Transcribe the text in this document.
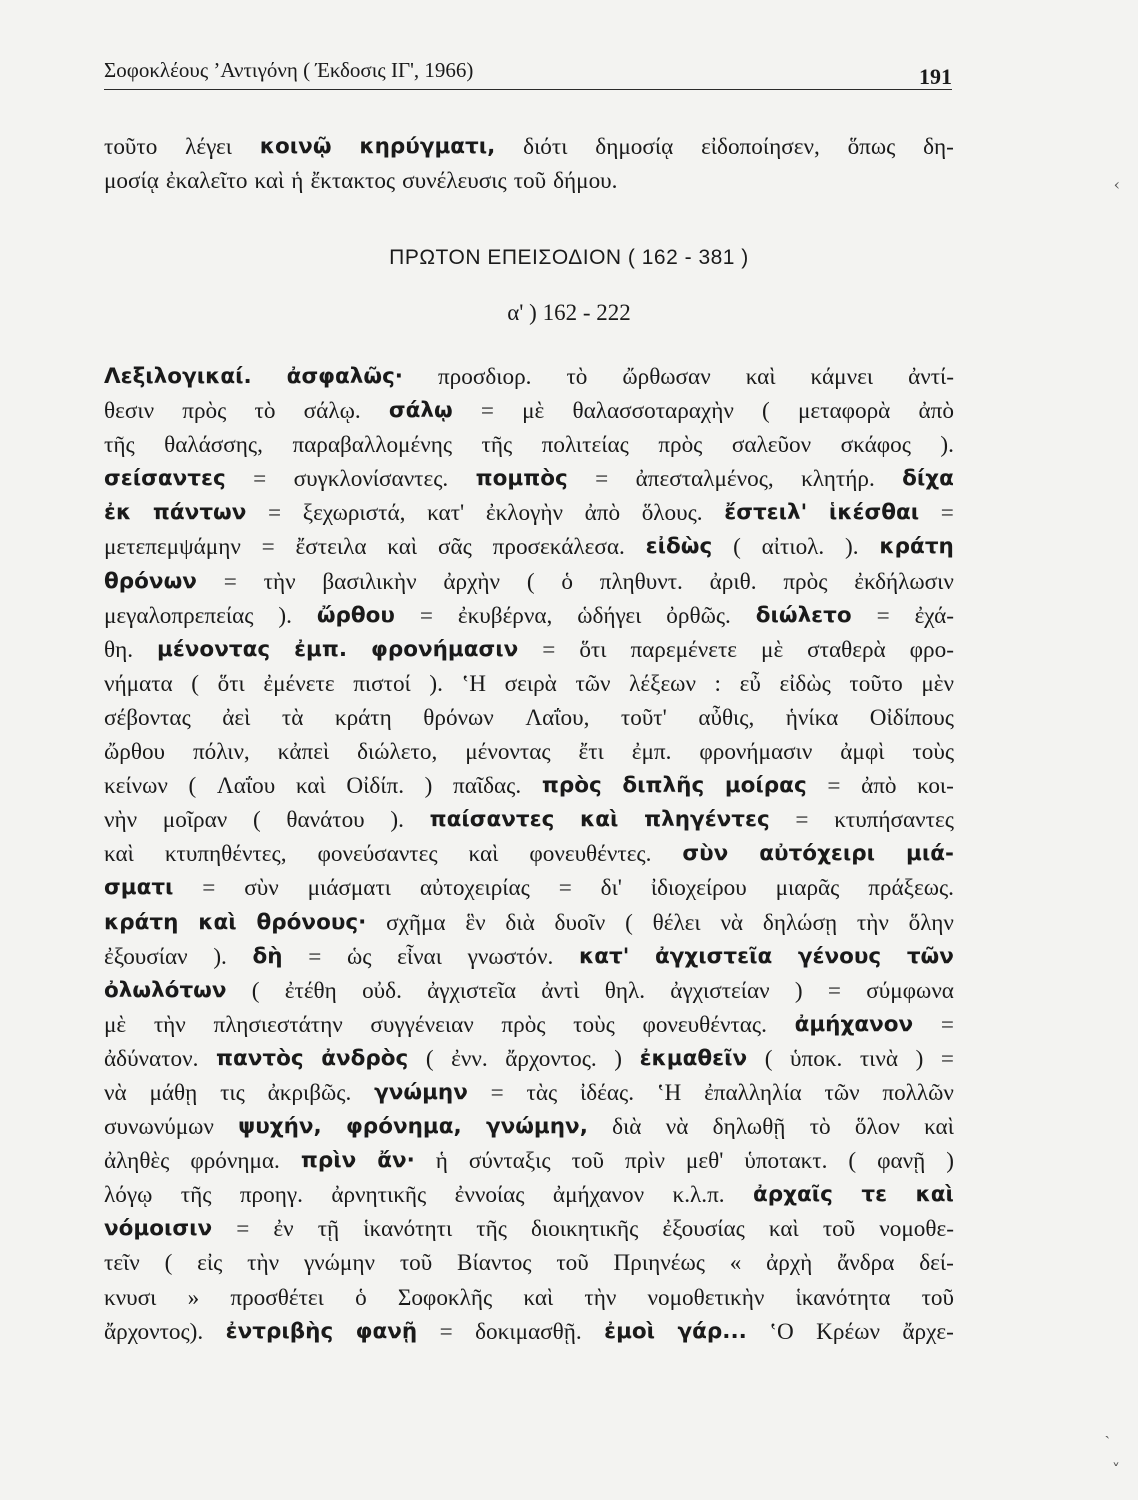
Σοφοκλέους ’Αντιγόνη ( Έκδοσις ΙΓ', 1966)	191
τοῦτο λέγει κοινῷ κηρύγματι, διότι δημοσίᾳ εἰδοποίησεν, ὅπως δη-
μοσίᾳ ἐκαλεῖτο καὶ ἡ ἔκτακτος συνέλευσις τοῦ δήμου.
ΠΡΩΤΟΝ ΕΠΕΙΣΟΔΙΟΝ ( 162 - 381 )
α' ) 162 - 222
Λεξιλογικαί. ἀσφαλῶς· προσδιορ. τὸ ὤρθωσαν καὶ κάμνει ἀντί-
θεσιν πρὸς τὸ σάλῳ. σάλῳ = μὲ θαλασσοταραχὴν ( μεταφορὰ ἀπὸ
τῆς θαλάσσης, παραβαλλομένης τῆς πολιτείας πρὸς σαλεῦον σκάφος ).
σείσαντες = συγκλονίσαντες. πομπὸς = ἀπεσταλμένος, κλητήρ. δίχα
ἐκ πάντων = ξεχωριστά, κατ' ἐκλογὴν ἀπὸ ὅλους. ἔστειλ' ἱκέσθαι =
μετεπεμψάμην = ἔστειλα καὶ σᾶς προσεκάλεσα. εἰδὼς ( αἰτιολ. ). κράτη
θρόνων = τὴν βασιλικὴν ἀρχὴν ( ὁ πληθυντ. ἀριθ. πρὸς ἐκδήλωσιν
μεγαλοπρεπείας ). ὤρθου = ἐκυβέρνα, ὡδήγει ὀρθῶς. διώλετο = ἐχά-
θη. μένοντας ἐμπ. φρονήμασιν = ὅτι παρεμένετε μὲ σταθερὰ φρο-
νήματα ( ὅτι ἐμένετε πιστοί ). ‛Η σειρὰ τῶν λέξεων : εὖ εἰδὼς τοῦτο μὲν
σέβοντας ἀεὶ τὰ κράτη θρόνων Λαΐου, τοῦτ' αὖθις, ἡνίκα Οἰδίπους
ὤρθου πόλιν, κἀπεὶ διώλετο, μένοντας ἔτι ἐμπ. φρονήμασιν ἀμφὶ τοὺς
κείνων ( Λαΐου καὶ Οἰδίπ. ) παῖδας. πρὸς διπλῆς μοίρας = ἀπὸ κοι-
νὴν μοῖραν ( θανάτου ). παίσαντες καὶ πληγέντες = κτυπήσαντες
καὶ κτυπηθέντες, φονεύσαντες καὶ φονευθέντες. σὺν αὐτόχειρι μιά-
σματι = σὺν μιάσματι αὐτοχειρίας = δι' ἰδιοχείρου μιαρᾶς πράξεως.
κράτη καὶ θρόνους· σχῆμα ἓν διὰ δυοῖν ( θέλει νὰ δηλώσῃ τὴν ὅλην
ἐξουσίαν ). δὴ = ὡς εἶναι γνωστόν. κατ' ἀγχιστεῖα γένους τῶν
ὀλωλότων ( ἐτέθη οὐδ. ἀγχιστεῖα ἀντὶ θηλ. ἀγχιστείαν ) = σύμφωνα
μὲ τὴν πλησιεστάτην συγγένειαν πρὸς τοὺς φονευθέντας. ἀμήχανον =
ἀδύνατον. παντὸς ἀνδρὸς ( ἐνν. ἄρχοντος. ) ἐκμαθεῖν ( ὑποκ. τινὰ ) =
νὰ μάθῃ τις ἀκριβῶς. γνώμην = τὰς ἰδέας. ‛Η ἐπαλληλία τῶν πολλῶν
συνωνύμων ψυχήν, φρόνημα, γνώμην, διὰ νὰ δηλωθῇ τὸ ὅλον καὶ
ἀληθὲς φρόνημα. πρὶν ἄν· ἡ σύνταξις τοῦ πρὶν μεθ' ὑποτακτ. ( φανῇ )
λόγῳ τῆς προηγ. ἀρνητικῆς ἐννοίας ἀμήχανον κ.λ.π. ἀρχαῖς τε καὶ
νόμοισιν = ἐν τῇ ἱκανότητι τῆς διοικητικῆς ἐξουσίας καὶ τοῦ νομοθε-
τεῖν ( εἰς τὴν γνώμην τοῦ Βίαντος τοῦ Πριηνέως « ἀρχὴ ἄνδρα δεί-
κνυσι » προσθέτει ὁ Σοφοκλῆς καὶ τὴν νομοθετικὴν ἱκανότητα τοῦ
ἄρχοντος). ἐντριβὴς φανῇ = δοκιμασθῇ. ἐμοὶ γάρ... ‛Ο Κρέων ἄρχε-
‹
˅
ˎ
